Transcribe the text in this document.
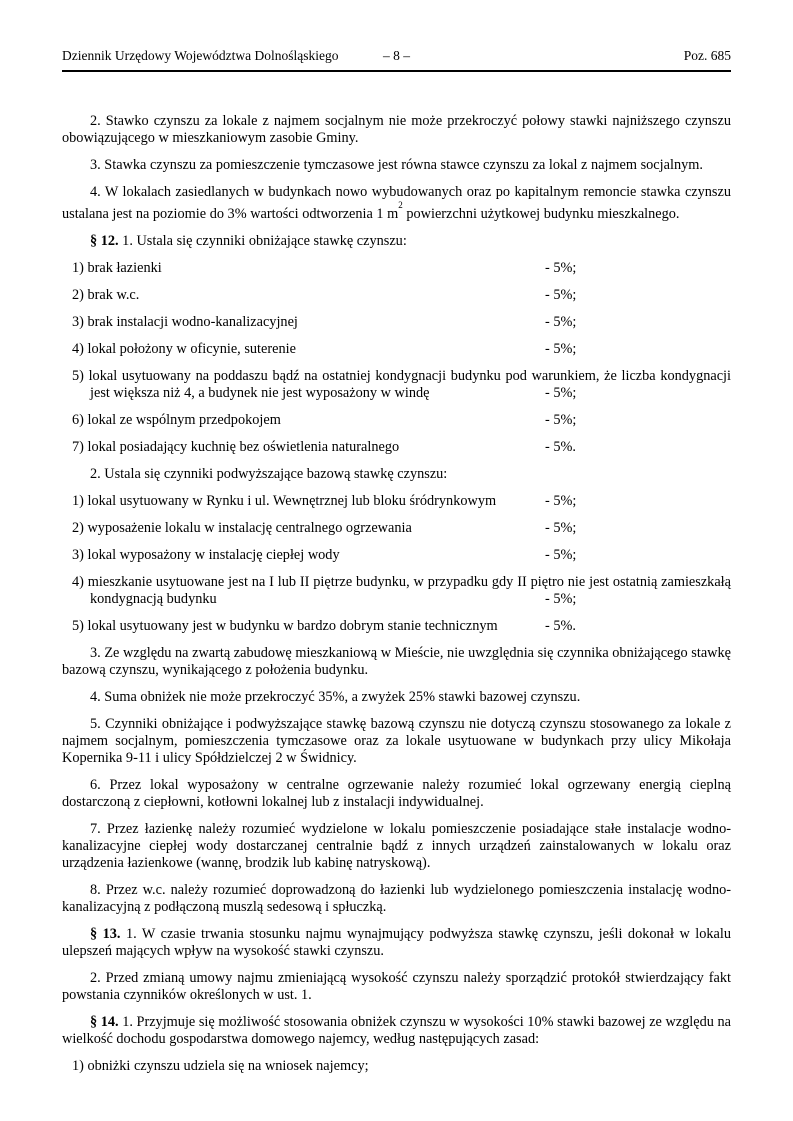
Dziennik Urzędowy Województwa Dolnośląskiego	– 8 –	Poz. 685

2. Stawko czynszu za lokale z najmem socjalnym nie może przekroczyć połowy stawki najniższego czynszu obowiązującego w mieszkaniowym zasobie Gminy.

3. Stawka czynszu za pomieszczenie tymczasowe jest równa stawce czynszu za lokal z najmem socjalnym.

4. W lokalach zasiedlanych w budynkach nowo wybudowanych oraz po kapitalnym remoncie stawka czynszu ustalana jest na poziomie do 3% wartości odtworzenia 1 $m^2$ powierzchni użytkowej budynku mieszkalnego.

§ 12. 1. Ustala się czynniki obniżające stawkę czynszu:

1) brak łazienki	- 5%;
2) brak w.c.	- 5%;
3) brak instalacji wodno-kanalizacyjnej	- 5%;
4) lokal położony w oficynie, suterenie	- 5%;
5) lokal usytuowany na poddaszu bądź na ostatniej kondygnacji budynku pod warunkiem, że liczba kondygnacji jest większa niż 4, a budynek nie jest wyposażony w windę	- 5%;
6) lokal ze wspólnym przedpokojem	- 5%;
7) lokal posiadający kuchnię bez oświetlenia naturalnego	- 5%.

2. Ustala się czynniki podwyższające bazową stawkę czynszu:

1) lokal usytuowany w Rynku i ul. Wewnętrznej lub bloku śródrynkowym	- 5%;
2) wyposażenie lokalu w instalację centralnego ogrzewania	- 5%;
3) lokal wyposażony w instalację ciepłej wody	- 5%;
4) mieszkanie usytuowane jest na I lub II piętrze budynku, w przypadku gdy II piętro nie jest ostatnią zamieszkałą kondygnacją budynku	- 5%;
5) lokal usytuowany jest w budynku w bardzo dobrym stanie technicznym	- 5%.

3. Ze względu na zwartą zabudowę mieszkaniową w Mieście, nie uwzględnia się czynnika obniżającego stawkę bazową czynszu, wynikającego z położenia budynku.

4. Suma obniżek nie może przekroczyć 35%, a zwyżek 25% stawki bazowej czynszu.

5. Czynniki obniżające i podwyższające stawkę bazową czynszu nie dotyczą czynszu stosowanego za lokale z najmem socjalnym, pomieszczenia tymczasowe oraz za lokale usytuowane w budynkach przy ulicy Mikołaja Kopernika 9-11 i ulicy Spółdzielczej 2 w Świdnicy.

6. Przez lokal wyposażony w centralne ogrzewanie należy rozumieć lokal ogrzewany energią cieplną dostarczoną z ciepłowni, kotłowni lokalnej lub z instalacji indywidualnej.

7. Przez łazienkę należy rozumieć wydzielone w lokalu pomieszczenie posiadające stałe instalacje wodno-kanalizacyjne ciepłej wody dostarczanej centralnie bądź z innych urządzeń zainstalowanych w lokalu oraz urządzenia łazienkowe (wannę, brodzik lub kabinę natryskową).

8. Przez w.c. należy rozumieć doprowadzoną do łazienki lub wydzielonego pomieszczenia instalację wodno-kanalizacyjną z podłączoną muszlą sedesową i spłuczką.

§ 13. 1. W czasie trwania stosunku najmu wynajmujący podwyższa stawkę czynszu, jeśli dokonał w lokalu ulepszeń mających wpływ na wysokość stawki czynszu.

2. Przed zmianą umowy najmu zmieniającą wysokość czynszu należy sporządzić protokół stwierdzający fakt powstania czynników określonych w ust. 1.

§ 14. 1. Przyjmuje się możliwość stosowania obniżek czynszu w wysokości 10% stawki bazowej ze względu na wielkość dochodu gospodarstwa domowego najemcy, według następujących zasad:

1) obniżki czynszu udziela się na wniosek najemcy;
